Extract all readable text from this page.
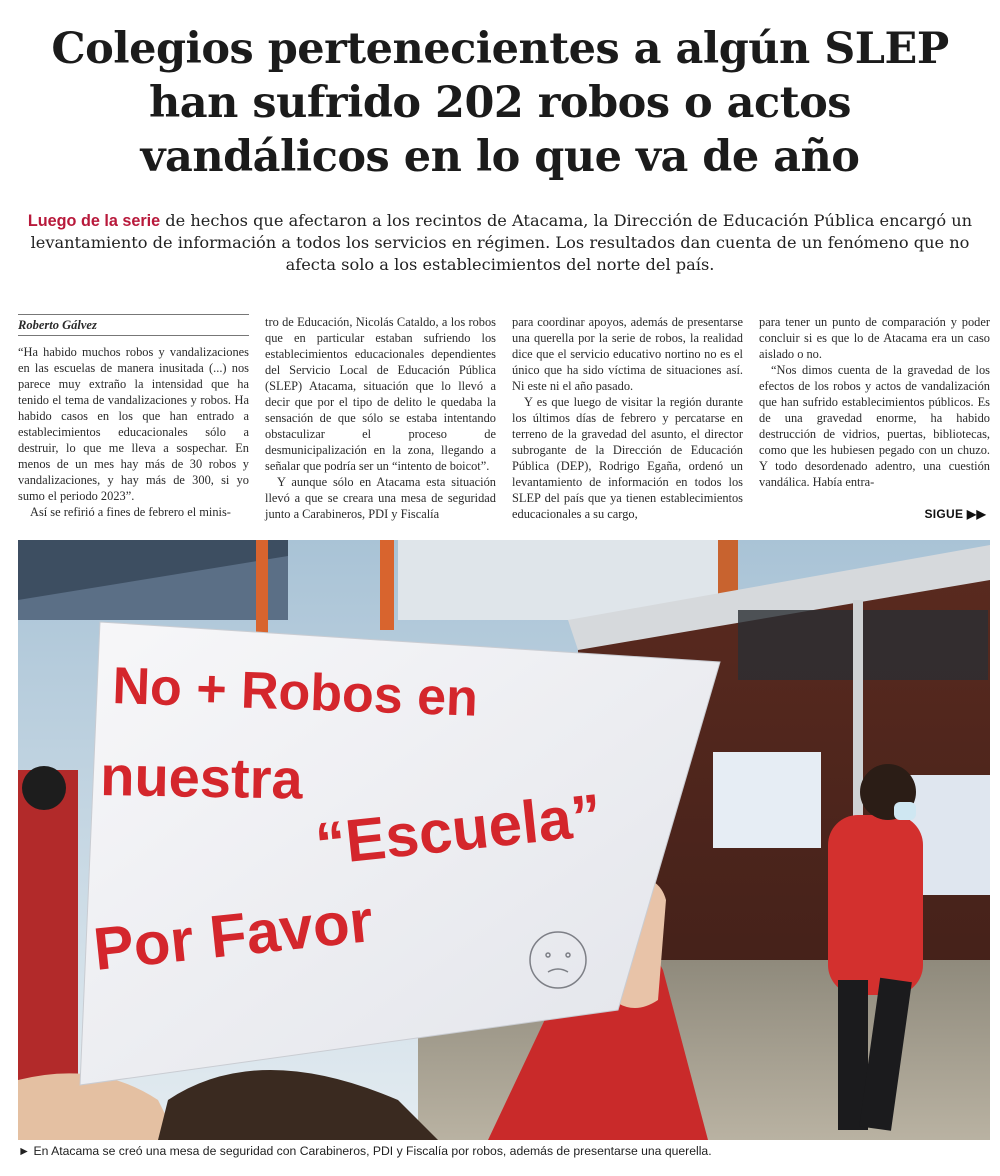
Colegios pertenecientes a algún SLEP han sufrido 202 robos o actos vandálicos en lo que va de año

Luego de la serie de hechos que afectaron a los recintos de Atacama, la Dirección de Educación Pública encargó un levantamiento de información a todos los servicios en régimen. Los resultados dan cuenta de un fenómeno que no afecta solo a los establecimientos del norte del país.

Roberto Gálvez

“Ha habido muchos robos y vandalizaciones en las escuelas de manera inusitada (...) nos parece muy extraño la intensidad que ha tenido el tema de vandalizaciones y robos. Ha habido casos en los que han entrado a establecimientos educacionales sólo a destruir, lo que me lleva a sospechar. En menos de un mes hay más de 30 robos y vandalizaciones, y hay más de 300, si yo sumo el periodo 2023”.

Así se refirió a fines de febrero el minis-

tro de Educación, Nicolás Cataldo, a los robos que en particular estaban sufriendo los establecimientos educacionales dependientes del Servicio Local de Educación Pública (SLEP) Atacama, situación que lo llevó a decir que por el tipo de delito le quedaba la sensación de que sólo se estaba intentando obstaculizar el proceso de desmunicipalización en la zona, llegando a señalar que podría ser un “intento de boicot”.

Y aunque sólo en Atacama esta situación llevó a que se creara una mesa de seguridad junto a Carabineros, PDI y Fiscalía

para coordinar apoyos, además de presentarse una querella por la serie de robos, la realidad dice que el servicio educativo nortino no es el único que ha sido víctima de situaciones así. Ni este ni el año pasado.

Y es que luego de visitar la región durante los últimos días de febrero y percatarse en terreno de la gravedad del asunto, el director subrogante de la Dirección de Educación Pública (DEP), Rodrigo Egaña, ordenó un levantamiento de información en todos los SLEP del país que ya tienen establecimientos educacionales a su cargo,

para tener un punto de comparación y poder concluir si es que lo de Atacama era un caso aislado o no.

“Nos dimos cuenta de la gravedad de los efectos de los robos y actos de vandalización que han sufrido establecimientos públicos. Es de una gravedad enorme, ha habido destrucción de vidrios, puertas, bibliotecas, como que les hubiesen pegado con un chuzo. Y todo desordenado adentro, una cuestión vandálica. Había entra-

SIGUE ▶▶
No + Robos en
nuestra
“Escuela”
Por Favor

► En Atacama se creó una mesa de seguridad con Carabineros, PDI y Fiscalía por robos, además de presentarse una querella.
